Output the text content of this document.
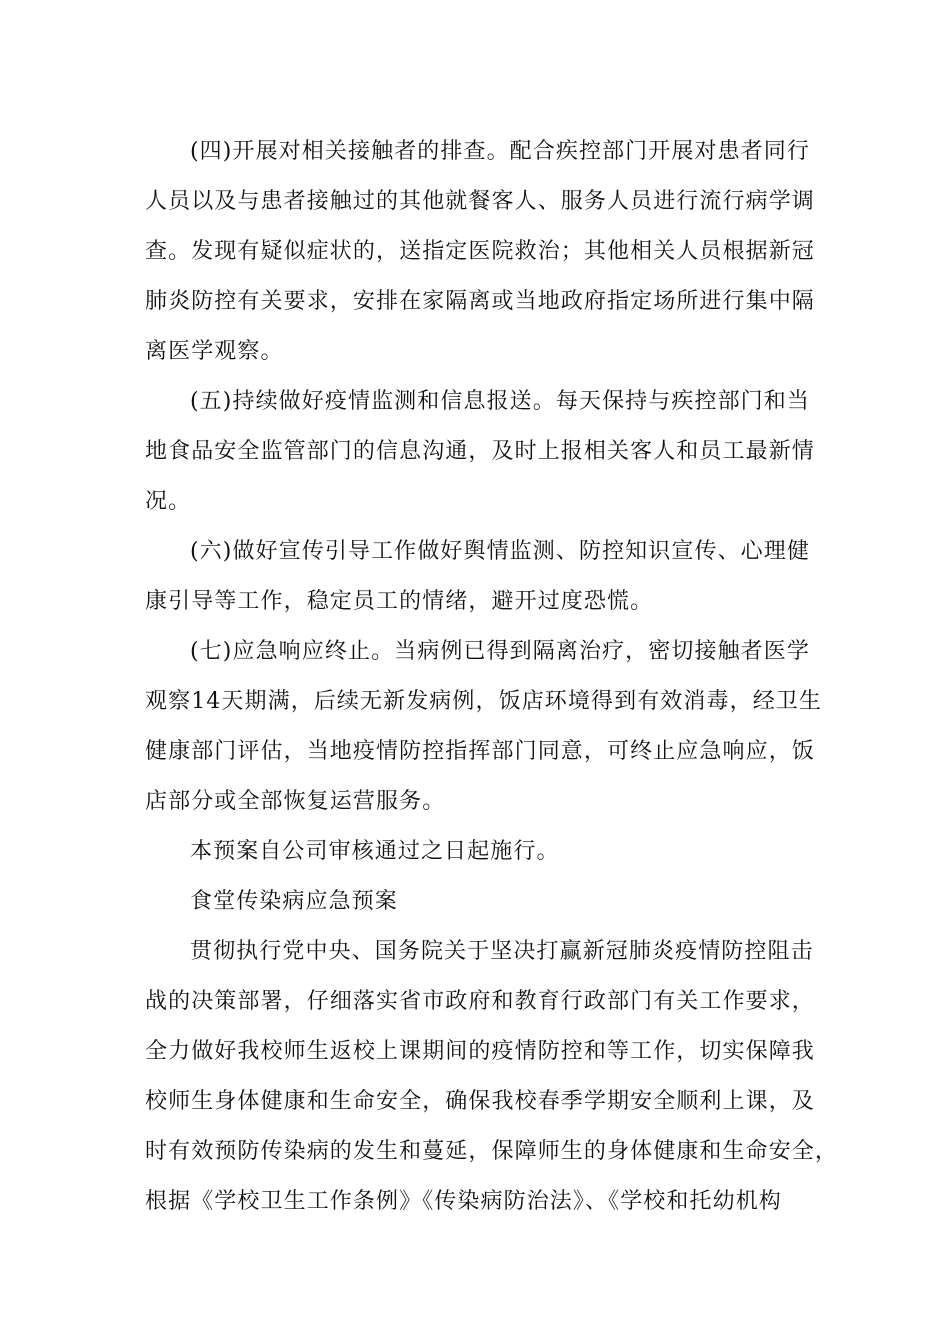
(四)开展对相关接触者的排查。配合疾控部门开展对患者同行
人员以及与患者接触过的其他就餐客人、服务人员进行流行病学调
查。发现有疑似症状的，送指定医院救治；其他相关人员根据新冠
肺炎防控有关要求，安排在家隔离或当地政府指定场所进行集中隔
离医学观察。
(五)持续做好疫情监测和信息报送。每天保持与疾控部门和当
地食品安全监管部门的信息沟通，及时上报相关客人和员工最新情
况。
(六)做好宣传引导工作做好舆情监测、防控知识宣传、心理健
康引导等工作，稳定员工的情绪，避开过度恐慌。
(七)应急响应终止。当病例已得到隔离治疗，密切接触者医学
观察14天期满，后续无新发病例，饭店环境得到有效消毒，经卫生
健康部门评估，当地疫情防控指挥部门同意，可终止应急响应，饭
店部分或全部恢复运营服务。
本预案自公司审核通过之日起施行。
食堂传染病应急预案
贯彻执行党中央、国务院关于坚决打赢新冠肺炎疫情防控阻击
战的决策部署，仔细落实省市政府和教育行政部门有关工作要求，
全力做好我校师生返校上课期间的疫情防控和等工作，切实保障我
校师生身体健康和生命安全，确保我校春季学期安全顺利上课，及
时有效预防传染病的发生和蔓延，保障师生的身体健康和生命安全，
根据《学校卫生工作条例》《传染病防治法》、《学校和托幼机构
